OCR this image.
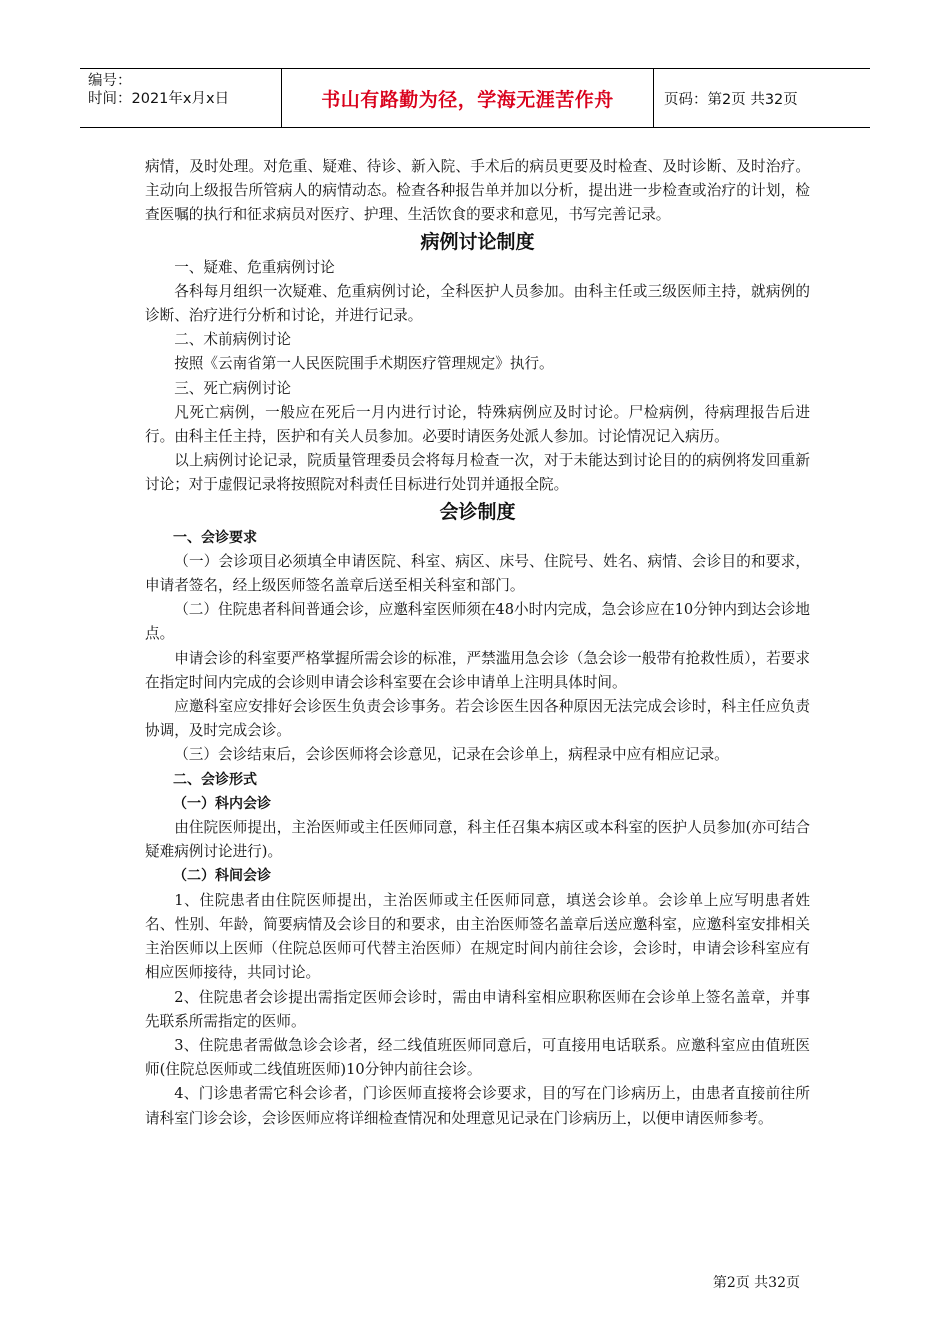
编号：
时间：2021年x月x日	书山有路勤为径，学海无涯苦作舟	页码：第2页 共32页

病情，及时处理。对危重、疑难、待诊、新入院、手术后的病员更要及时检查、及时诊断、及时治疗。主动向上级报告所管病人的病情动态。检查各种报告单并加以分析，提出进一步检查或治疗的计划，检查医嘱的执行和征求病员对医疗、护理、生活饮食的要求和意见，书写完善记录。

病例讨论制度

一、疑难、危重病例讨论

各科每月组织一次疑难、危重病例讨论，全科医护人员参加。由科主任或三级医师主持，就病例的诊断、治疗进行分析和讨论，并进行记录。

二、术前病例讨论

按照《云南省第一人民医院围手术期医疗管理规定》执行。

三、死亡病例讨论

凡死亡病例，一般应在死后一月内进行讨论，特殊病例应及时讨论。尸检病例，待病理报告后进行。由科主任主持，医护和有关人员参加。必要时请医务处派人参加。讨论情况记入病历。

以上病例讨论记录，院质量管理委员会将每月检查一次，对于未能达到讨论目的的病例将发回重新讨论；对于虚假记录将按照院对科责任目标进行处罚并通报全院。

会诊制度

一、会诊要求

（一）会诊项目必须填全申请医院、科室、病区、床号、住院号、姓名、病情、会诊目的和要求，申请者签名，经上级医师签名盖章后送至相关科室和部门。

（二）住院患者科间普通会诊，应邀科室医师须在48小时内完成，急会诊应在10分钟内到达会诊地点。

申请会诊的科室要严格掌握所需会诊的标准，严禁滥用急会诊（急会诊一般带有抢救性质），若要求在指定时间内完成的会诊则申请会诊科室要在会诊申请单上注明具体时间。

应邀科室应安排好会诊医生负责会诊事务。若会诊医生因各种原因无法完成会诊时，科主任应负责协调，及时完成会诊。

（三）会诊结束后，会诊医师将会诊意见，记录在会诊单上，病程录中应有相应记录。

二、会诊形式

（一）科内会诊

由住院医师提出，主治医师或主任医师同意，科主任召集本病区或本科室的医护人员参加(亦可结合疑难病例讨论进行)。

（二）科间会诊

1、住院患者由住院医师提出，主治医师或主任医师同意，填送会诊单。会诊单上应写明患者姓名、性别、年龄，简要病情及会诊目的和要求，由主治医师签名盖章后送应邀科室，应邀科室安排相关主治医师以上医师（住院总医师可代替主治医师）在规定时间内前往会诊，会诊时，申请会诊科室应有相应医师接待，共同讨论。

2、住院患者会诊提出需指定医师会诊时，需由申请科室相应职称医师在会诊单上签名盖章，并事先联系所需指定的医师。

3、住院患者需做急诊会诊者，经二线值班医师同意后，可直接用电话联系。应邀科室应由值班医师(住院总医师或二线值班医师)10分钟内前往会诊。

4、门诊患者需它科会诊者，门诊医师直接将会诊要求，目的写在门诊病历上，由患者直接前往所请科室门诊会诊，会诊医师应将详细检查情况和处理意见记录在门诊病历上，以便申请医师参考。

第2页 共32页
